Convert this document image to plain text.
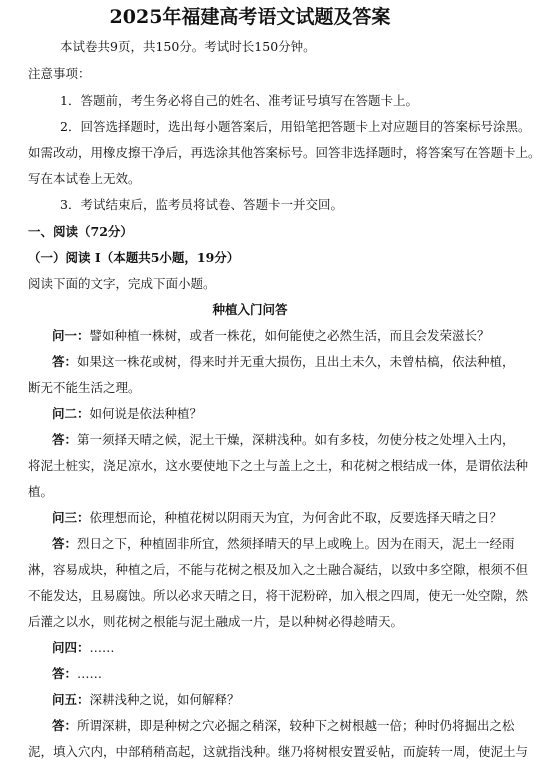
2025年福建高考语文试题及答案
本试卷共9页，共150分。考试时长150分钟。
注意事项：
1．答题前，考生务必将自己的姓名、准考证号填写在答题卡上。
2．回答选择题时，选出每小题答案后，用铅笔把答题卡上对应题目的答案标号涂黑。
如需改动，用橡皮擦干净后，再选涂其他答案标号。回答非选择题时，将答案写在答题卡上。
写在本试卷上无效。
3．考试结束后，监考员将试卷、答题卡一并交回。
一、阅读（72分）
（一）阅读 I（本题共5小题，19分）
阅读下面的文字，完成下面小题。
种植入门问答
问一：譬如种植一株树，或者一株花，如何能使之必然生活，而且会发荣滋长？
答：如果这一株花或树，得来时并无重大损伤，且出土未久，未曾枯槁，依法种植，
断无不能生活之理。
问二：如何说是依法种植？
答：第一须择天晴之候，泥土干燥，深耕浅种。如有多枝，勿使分枝之处埋入土内，
将泥土桩实，浇足凉水，这水要使地下之土与盖上之土，和花树之根结成一体，是谓依法种
植。
问三：依理想而论，种植花树以阴雨天为宜，为何舍此不取，反要选择天晴之日？
答：烈日之下，种植固非所宜，然须择晴天的早上或晚上。因为在雨天，泥土一经雨
淋，容易成块，种植之后，不能与花树之根及加入之土融合凝结，以致中多空隙，根须不但
不能发达，且易腐蚀。所以必求天晴之日，将干泥粉碎，加入根之四周，使无一处空隙，然
后灌之以水，则花树之根能与泥土融成一片，是以种树必得趁晴天。
问四：……
答：……
问五：深耕浅种之说，如何解释？
答：所谓深耕，即是种树之穴必掘之稍深，较种下之树根越一倍；种时仍将掘出之松
泥，填入穴内，中部稍稍高起，这就指浅种。继乃将树根安置妥帖，而旋转一周，使泥土与
